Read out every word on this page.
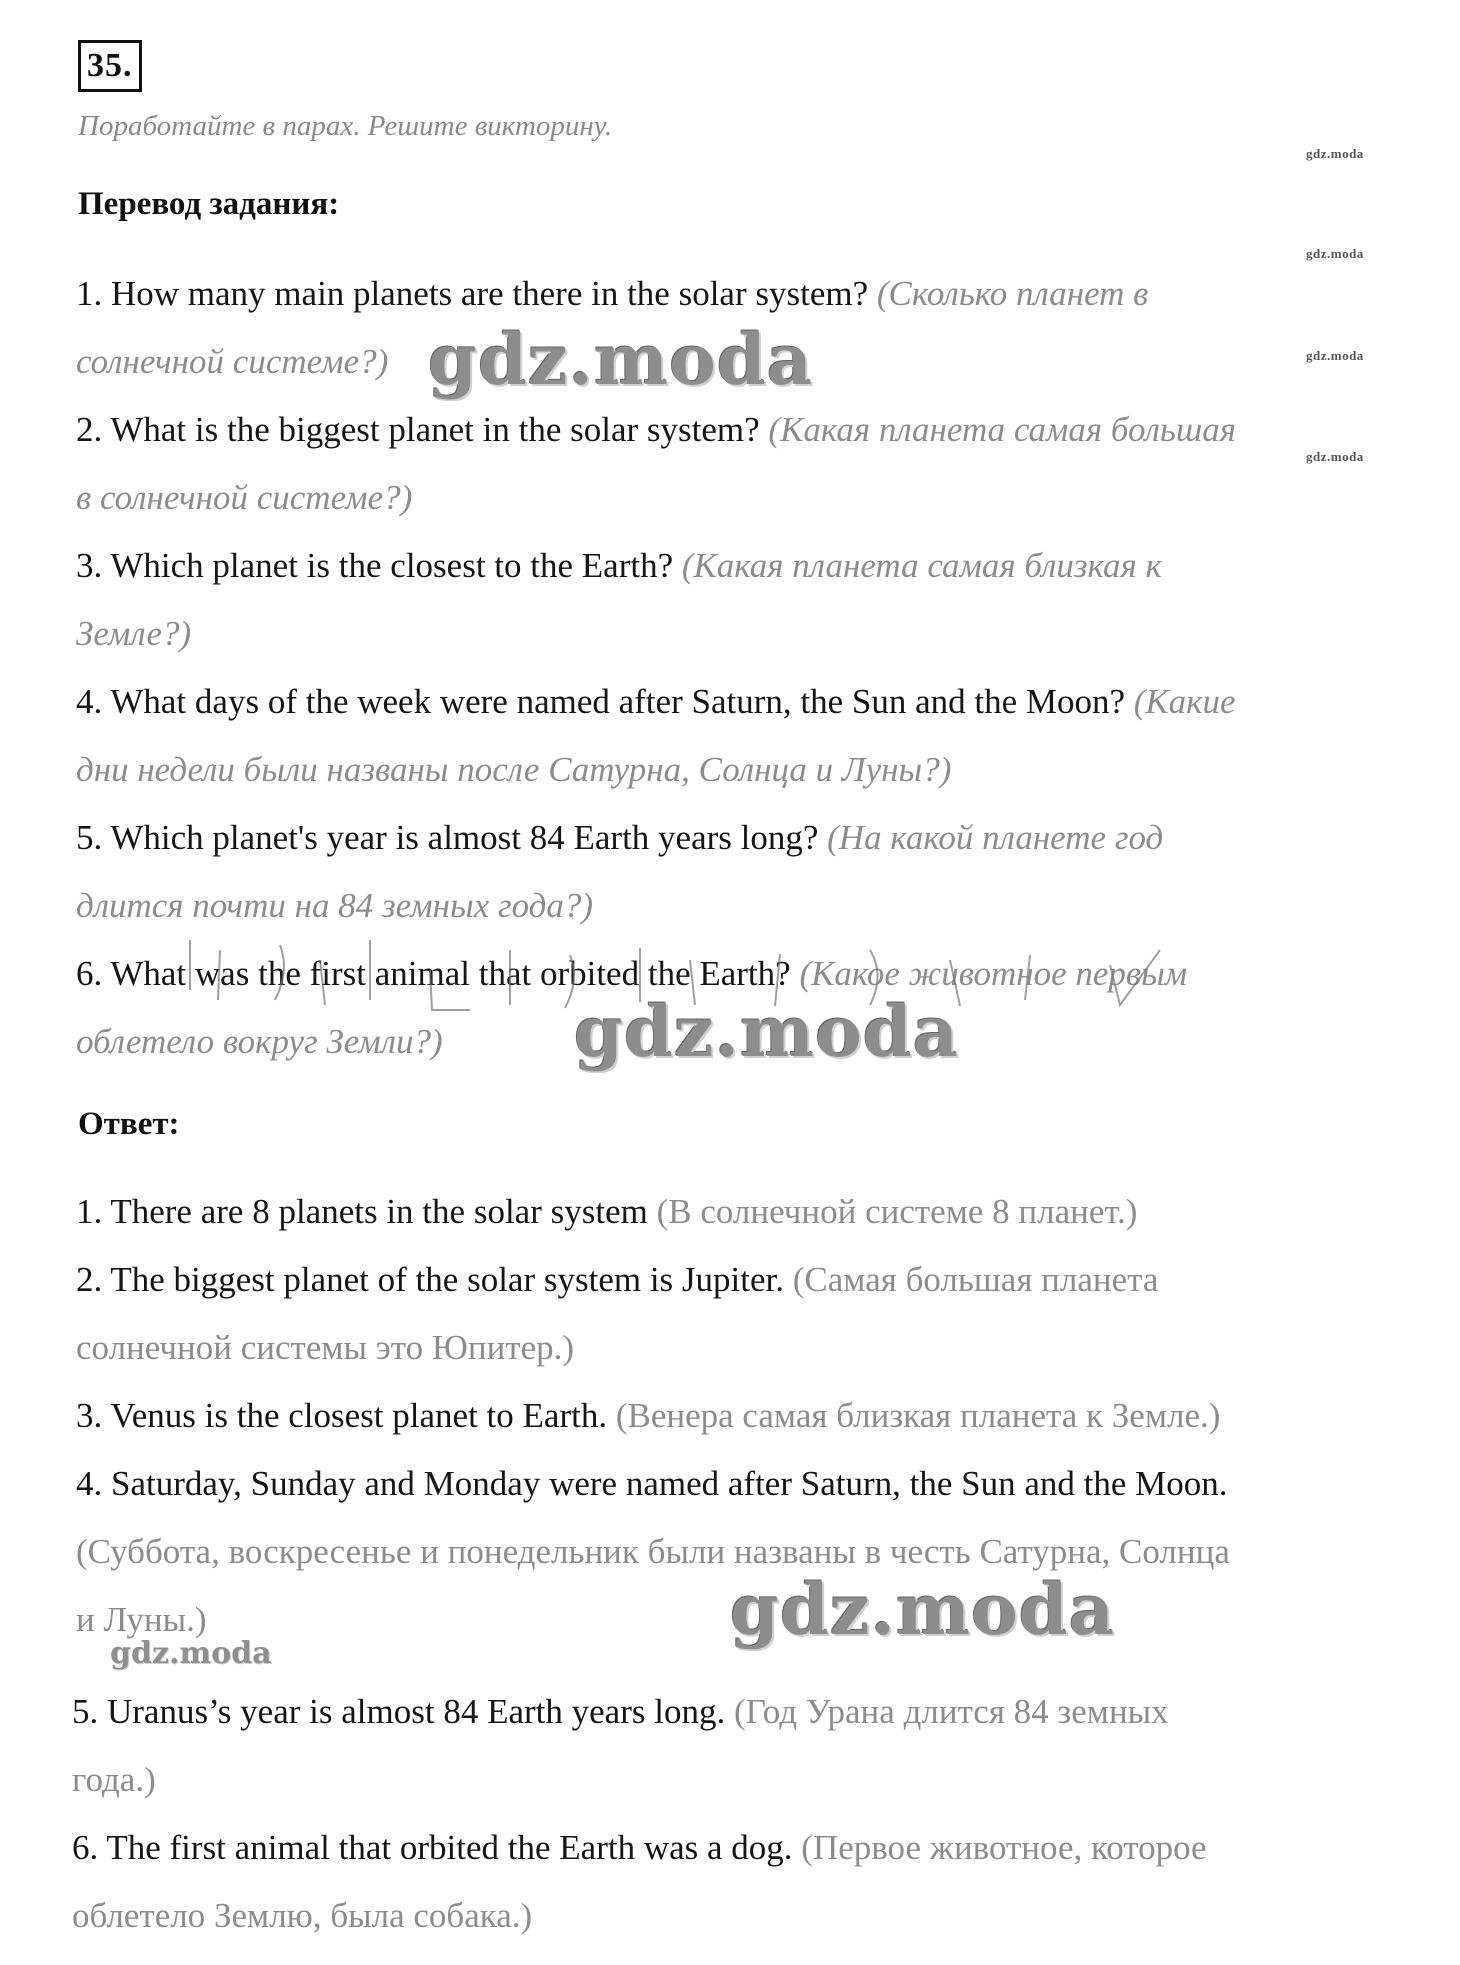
35.
Поработайте в парах. Решите викторину.
gdz.moda
gdz.moda
gdz.moda
gdz.moda
Перевод задания:
1. How many main planets are there in the solar system? (Сколько планет в
солнечной системе?)
2. What is the biggest planet in the solar system? (Какая планета самая большая
в солнечной системе?)
3. Which planet is the closest to the Earth? (Какая планета самая близкая к
Земле?)
4. What days of the week were named after Saturn, the Sun and the Moon? (Какие
дни недели были названы после Сатурна, Солнца и Луны?)
5. Which planet's year is almost 84 Earth years long? (На какой планете год
длится почти на 84 земных года?)
6. What was the first animal that orbited the Earth? (Какое животное первым
облетело вокруг Земли?)
gdz.moda
gdz.moda
Ответ:
1. There are 8 planets in the solar system (В солнечной системе 8 планет.)
2. The biggest planet of the solar system is Jupiter. (Самая большая планета
солнечной системы это Юпитер.)
3. Venus is the closest planet to Earth. (Венера самая близкая планета к Земле.)
4. Saturday, Sunday and Monday were named after Saturn, the Sun and the Moon.
(Суббота, воскресенье и понедельник были названы в честь Сатурна, Солнца
и Луны.)	gdz.moda
gdz.moda
5. Uranus’s year is almost 84 Earth years long. (Год Урана длится 84 земных
года.)
6. The first animal that orbited the Earth was a dog. (Первое животное, которое
облетело Землю, была собака.)
